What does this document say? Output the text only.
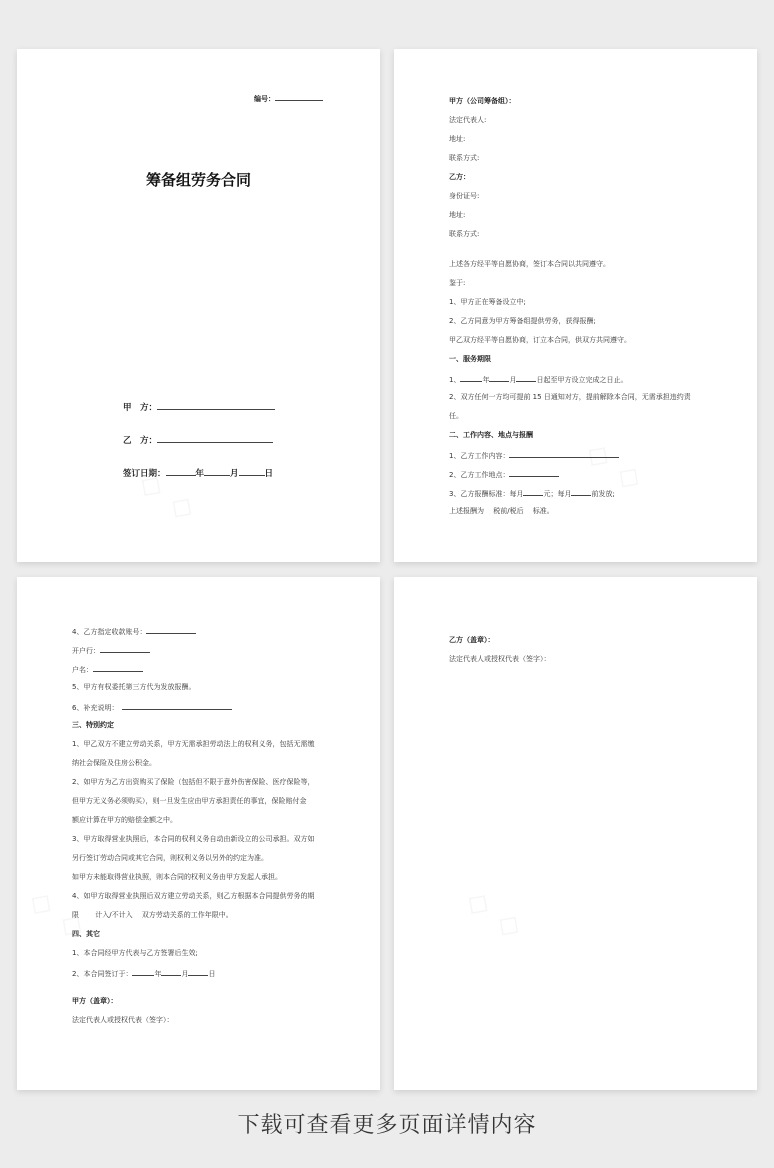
编号：
筹备组劳务合同
甲　方：
乙　方：
签订日期：	年	月	日
甲方（公司筹备组）：
法定代表人:
地址:
联系方式:
乙方：
身份证号:
地址:
联系方式:
上述各方经平等自愿协商，签订本合同以共同遵守。
鉴于:
1、甲方正在筹备设立中;
2、乙方同意为甲方筹备组提供劳务，获得报酬;
甲乙双方经平等自愿协商，订立本合同，供双方共同遵守。
一、服务期限
1、	年	月	日起至甲方设立完成之日止。
2、双方任何一方均可提前 15 日通知对方，提前解除本合同，无需承担违约责
任。
二、工作内容、地点与报酬
1、乙方工作内容：
2、乙方工作地点：
3、乙方报酬标准：每月	元；每月	前发放;
上述报酬为　 税前/税后　 标准。
4、乙方指定收款账号：
开户行：
户名：
5、甲方有权委托第三方代为发放报酬。
6、补充说明：　
三、特别约定
1、甲乙双方不建立劳动关系，甲方无需承担劳动法上的权利义务，包括无需缴
纳社会保险及住房公积金。
2、如甲方为乙方出资购买了保险（包括但不限于意外伤害保险、医疗保险等，
但甲方无义务必须购买），则一旦发生应由甲方承担责任的事宜，保险赔付金
额应计算在甲方的赔偿金额之中。
3、甲方取得营业执照后，本合同的权利义务自动由新设立的公司承担。双方如
另行签订劳动合同或其它合同，则权利义务以另外的约定为准。
如甲方未能取得营业执照，则本合同的权利义务由甲方发起人承担。
4、如甲方取得营业执照后双方建立劳动关系，则乙方根据本合同提供劳务的期
限　　 计入/不计入　 双方劳动关系的工作年限中。
四、其它
1、本合同经甲方代表与乙方签署后生效;
2、本合同签订于：	年	月	日
甲方（盖章）：
法定代表人或授权代表（签字）：
乙方（盖章）：
法定代表人或授权代表（签字）：
下载可查看更多页面详情内容
